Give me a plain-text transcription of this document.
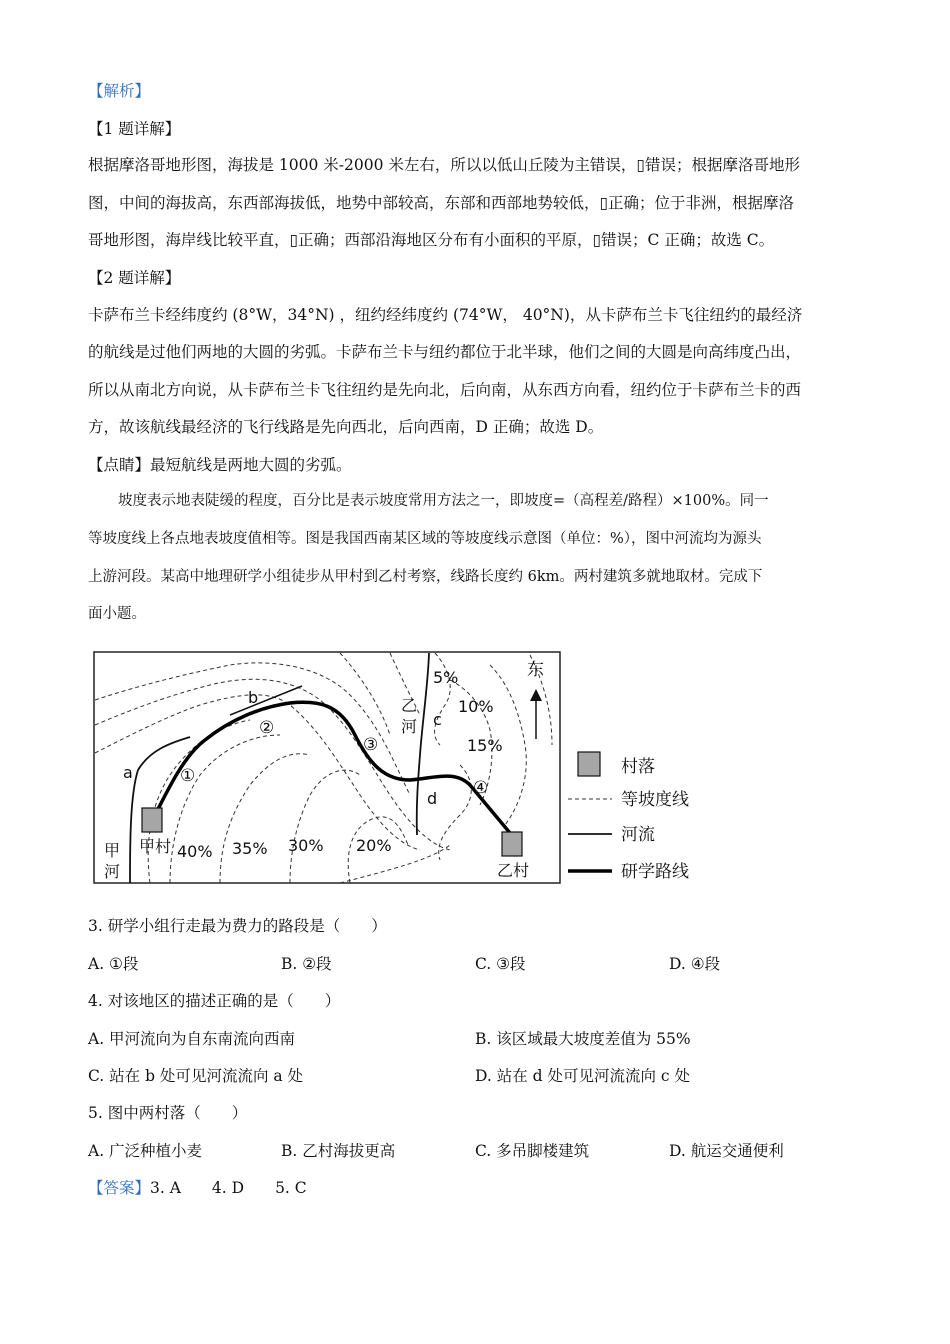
【解析】
【1 题详解】
根据摩洛哥地形图，海拔是 1000 米-2000 米左右，所以以低山丘陵为主错误，▯错误；根据摩洛哥地形
图，中间的海拔高，东西部海拔低，地势中部较高，东部和西部地势较低，▯正确；位于非洲，根据摩洛
哥地形图，海岸线比较平直，▯正确；西部沿海地区分布有小面积的平原，▯错误；C 正确；故选 C。
【2 题详解】
卡萨布兰卡经纬度约 (8°W，34°N) ，纽约经纬度约 (74°W， 40°N)，从卡萨布兰卡飞往纽约的最经济
的航线是过他们两地的大圆的劣弧。卡萨布兰卡与纽约都位于北半球，他们之间的大圆是向高纬度凸出，
所以从南北方向说，从卡萨布兰卡飞往纽约是先向北，后向南，从东西方向看，纽约位于卡萨布兰卡的西
方，故该航线最经济的飞行线路是先向西北，后向西南，D 正确；故选 D。
【点睛】最短航线是两地大圆的劣弧。
坡度表示地表陡缓的程度，百分比是表示坡度常用方法之一，即坡度=（高程差/路程）×100%。同一
等坡度线上各点地表坡度值相等。图是我国西南某区域的等坡度线示意图（单位：%），图中河流均为源头
上游河段。某高中地理研学小组徒步从甲村到乙村考察，线路长度约 6km。两村建筑多就地取材。完成下
面小题。
东
5%
10%
15%
20%
30%
35%
40%
a
b
c
d
①
②
③
④
甲
河
乙
河
甲村
乙村
村落
等坡度线
河流
研学路线
3. 研学小组行走最为费力的路段是（　　）
A. ①段	B. ②段	C. ③段	D. ④段
4. 对该地区的描述正确的是（　　）
A. 甲河流向为自东南流向西南	B. 该区域最大坡度差值为 55%
C. 站在 b 处可见河流流向 a 处	D. 站在 d 处可见河流流向 c 处
5. 图中两村落（　　）
A. 广泛种植小麦	B. 乙村海拔更高	C. 多吊脚楼建筑	D. 航运交通便利
【答案】3. A　　4. D　　5. C
